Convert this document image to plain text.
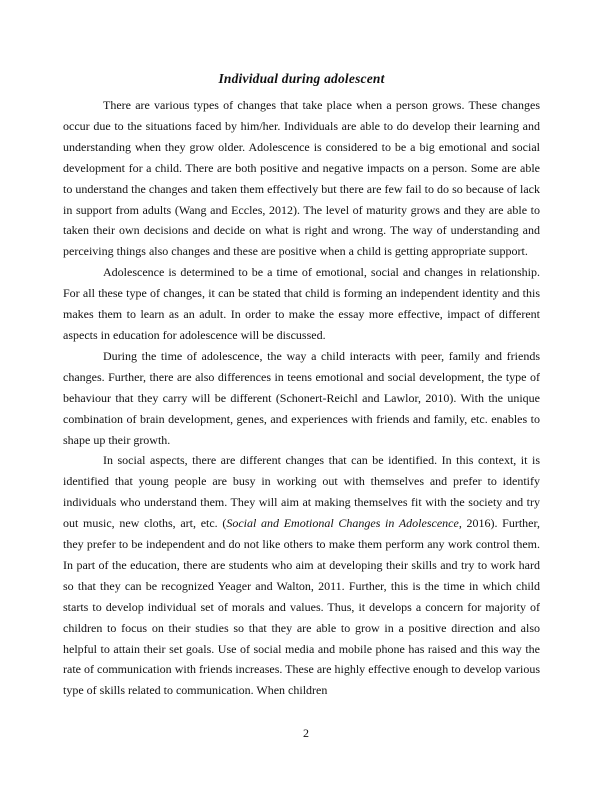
Individual during adolescent

There are various types of changes that take place when a person grows. These changes occur due to the situations faced by him/her. Individuals are able to do develop their learning and understanding when they grow older. Adolescence is considered to be a big emotional and social development for a child. There are both positive and negative impacts on a person. Some are able to understand the changes and taken them effectively but there are few fail to do so because of lack in support from adults (Wang and Eccles, 2012). The level of maturity grows and they are able to taken their own decisions and decide on what is right and wrong. The way of understanding and perceiving things also changes and these are positive when a child is getting appropriate support.

Adolescence is determined to be a time of emotional, social and changes in relationship. For all these type of changes, it can be stated that child is forming an independent identity and this makes them to learn as an adult. In order to make the essay more effective, impact of different aspects in education for adolescence will be discussed.

During the time of adolescence, the way a child interacts with peer, family and friends changes. Further, there are also differences in teens emotional and social development, the type of behaviour that they carry will be different (Schonert-Reichl and Lawlor, 2010). With the unique combination of brain development, genes, and experiences with friends and family, etc. enables to shape up their growth.

In social aspects, there are different changes that can be identified. In this context, it is identified that young people are busy in working out with themselves and prefer to identify individuals who understand them. They will aim at making themselves fit with the society and try out music, new cloths, art, etc. (Social and Emotional Changes in Adolescence, 2016). Further, they prefer to be independent and do not like others to make them perform any work control them. In part of the education, there are students who aim at developing their skills and try to work hard so that they can be recognized Yeager and Walton, 2011. Further, this is the time in which child starts to develop individual set of morals and values. Thus, it develops a concern for majority of children to focus on their studies so that they are able to grow in a positive direction and also helpful to attain their set goals. Use of social media and mobile phone has raised and this way the rate of communication with friends increases. These are highly effective enough to develop various type of skills related to communication. When children

2
